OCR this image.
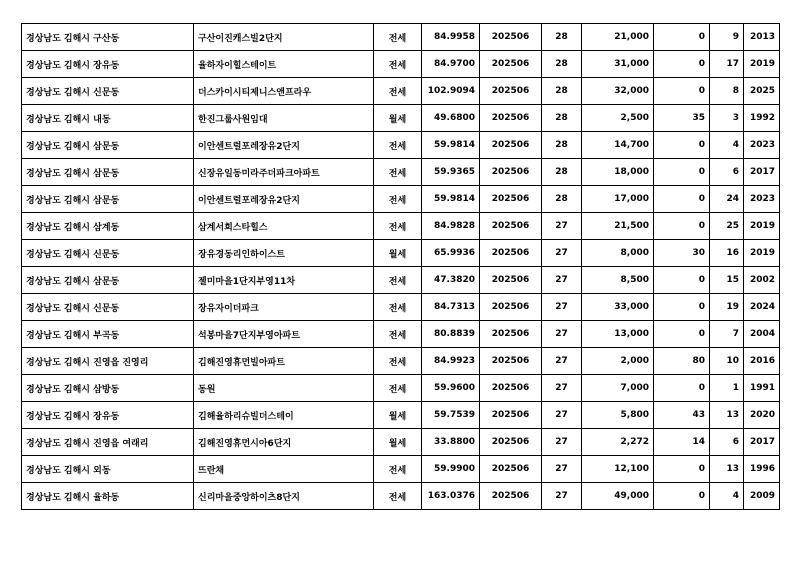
경상남도 김해시 구산동	구산이진캐스빌2단지	전세	84.9958	202506	28	21,000	0	9	2013
경상남도 김해시 장유동	율하자이힐스테이트	전세	84.9700	202506	28	31,000	0	17	2019
경상남도 김해시 신문동	더스카이시티제니스앤프라우	전세	102.9094	202506	28	32,000	0	8	2025
경상남도 김해시 내동	한진그룹사원임대	월세	49.6800	202506	28	2,500	35	3	1992
경상남도 김해시 삼문동	이안센트럴포레장유2단지	전세	59.9814	202506	28	14,700	0	4	2023
경상남도 김해시 삼문동	신장유일동미라주더파크아파트	전세	59.9365	202506	28	18,000	0	6	2017
경상남도 김해시 삼문동	이안센트럴포레장유2단지	전세	59.9814	202506	28	17,000	0	24	2023
경상남도 김해시 삼계동	삼계서희스타힐스	전세	84.9828	202506	27	21,500	0	25	2019
경상남도 김해시 신문동	장유경동리인하이스트	월세	65.9936	202506	27	8,000	30	16	2019
경상남도 김해시 삼문동	젤미마을1단지부영11차	전세	47.3820	202506	27	8,500	0	15	2002
경상남도 김해시 신문동	장유자이더파크	전세	84.7313	202506	27	33,000	0	19	2024
경상남도 김해시 부곡동	석봉마을7단지부영아파트	전세	80.8839	202506	27	13,000	0	7	2004
경상남도 김해시 진영읍 진영리	김해진영휴먼빌아파트	전세	84.9923	202506	27	2,000	80	10	2016
경상남도 김해시 삼방동	동원	전세	59.9600	202506	27	7,000	0	1	1991
경상남도 김해시 장유동	김해율하리슈빌더스테이	월세	59.7539	202506	27	5,800	43	13	2020
경상남도 김해시 진영읍 여래리	김해진영휴먼시아6단지	월세	33.8800	202506	27	2,272	14	6	2017
경상남도 김해시 외동	뜨란채	전세	59.9900	202506	27	12,100	0	13	1996
경상남도 김해시 율하동	신리마을중앙하이츠8단지	전세	163.0376	202506	27	49,000	0	4	2009
